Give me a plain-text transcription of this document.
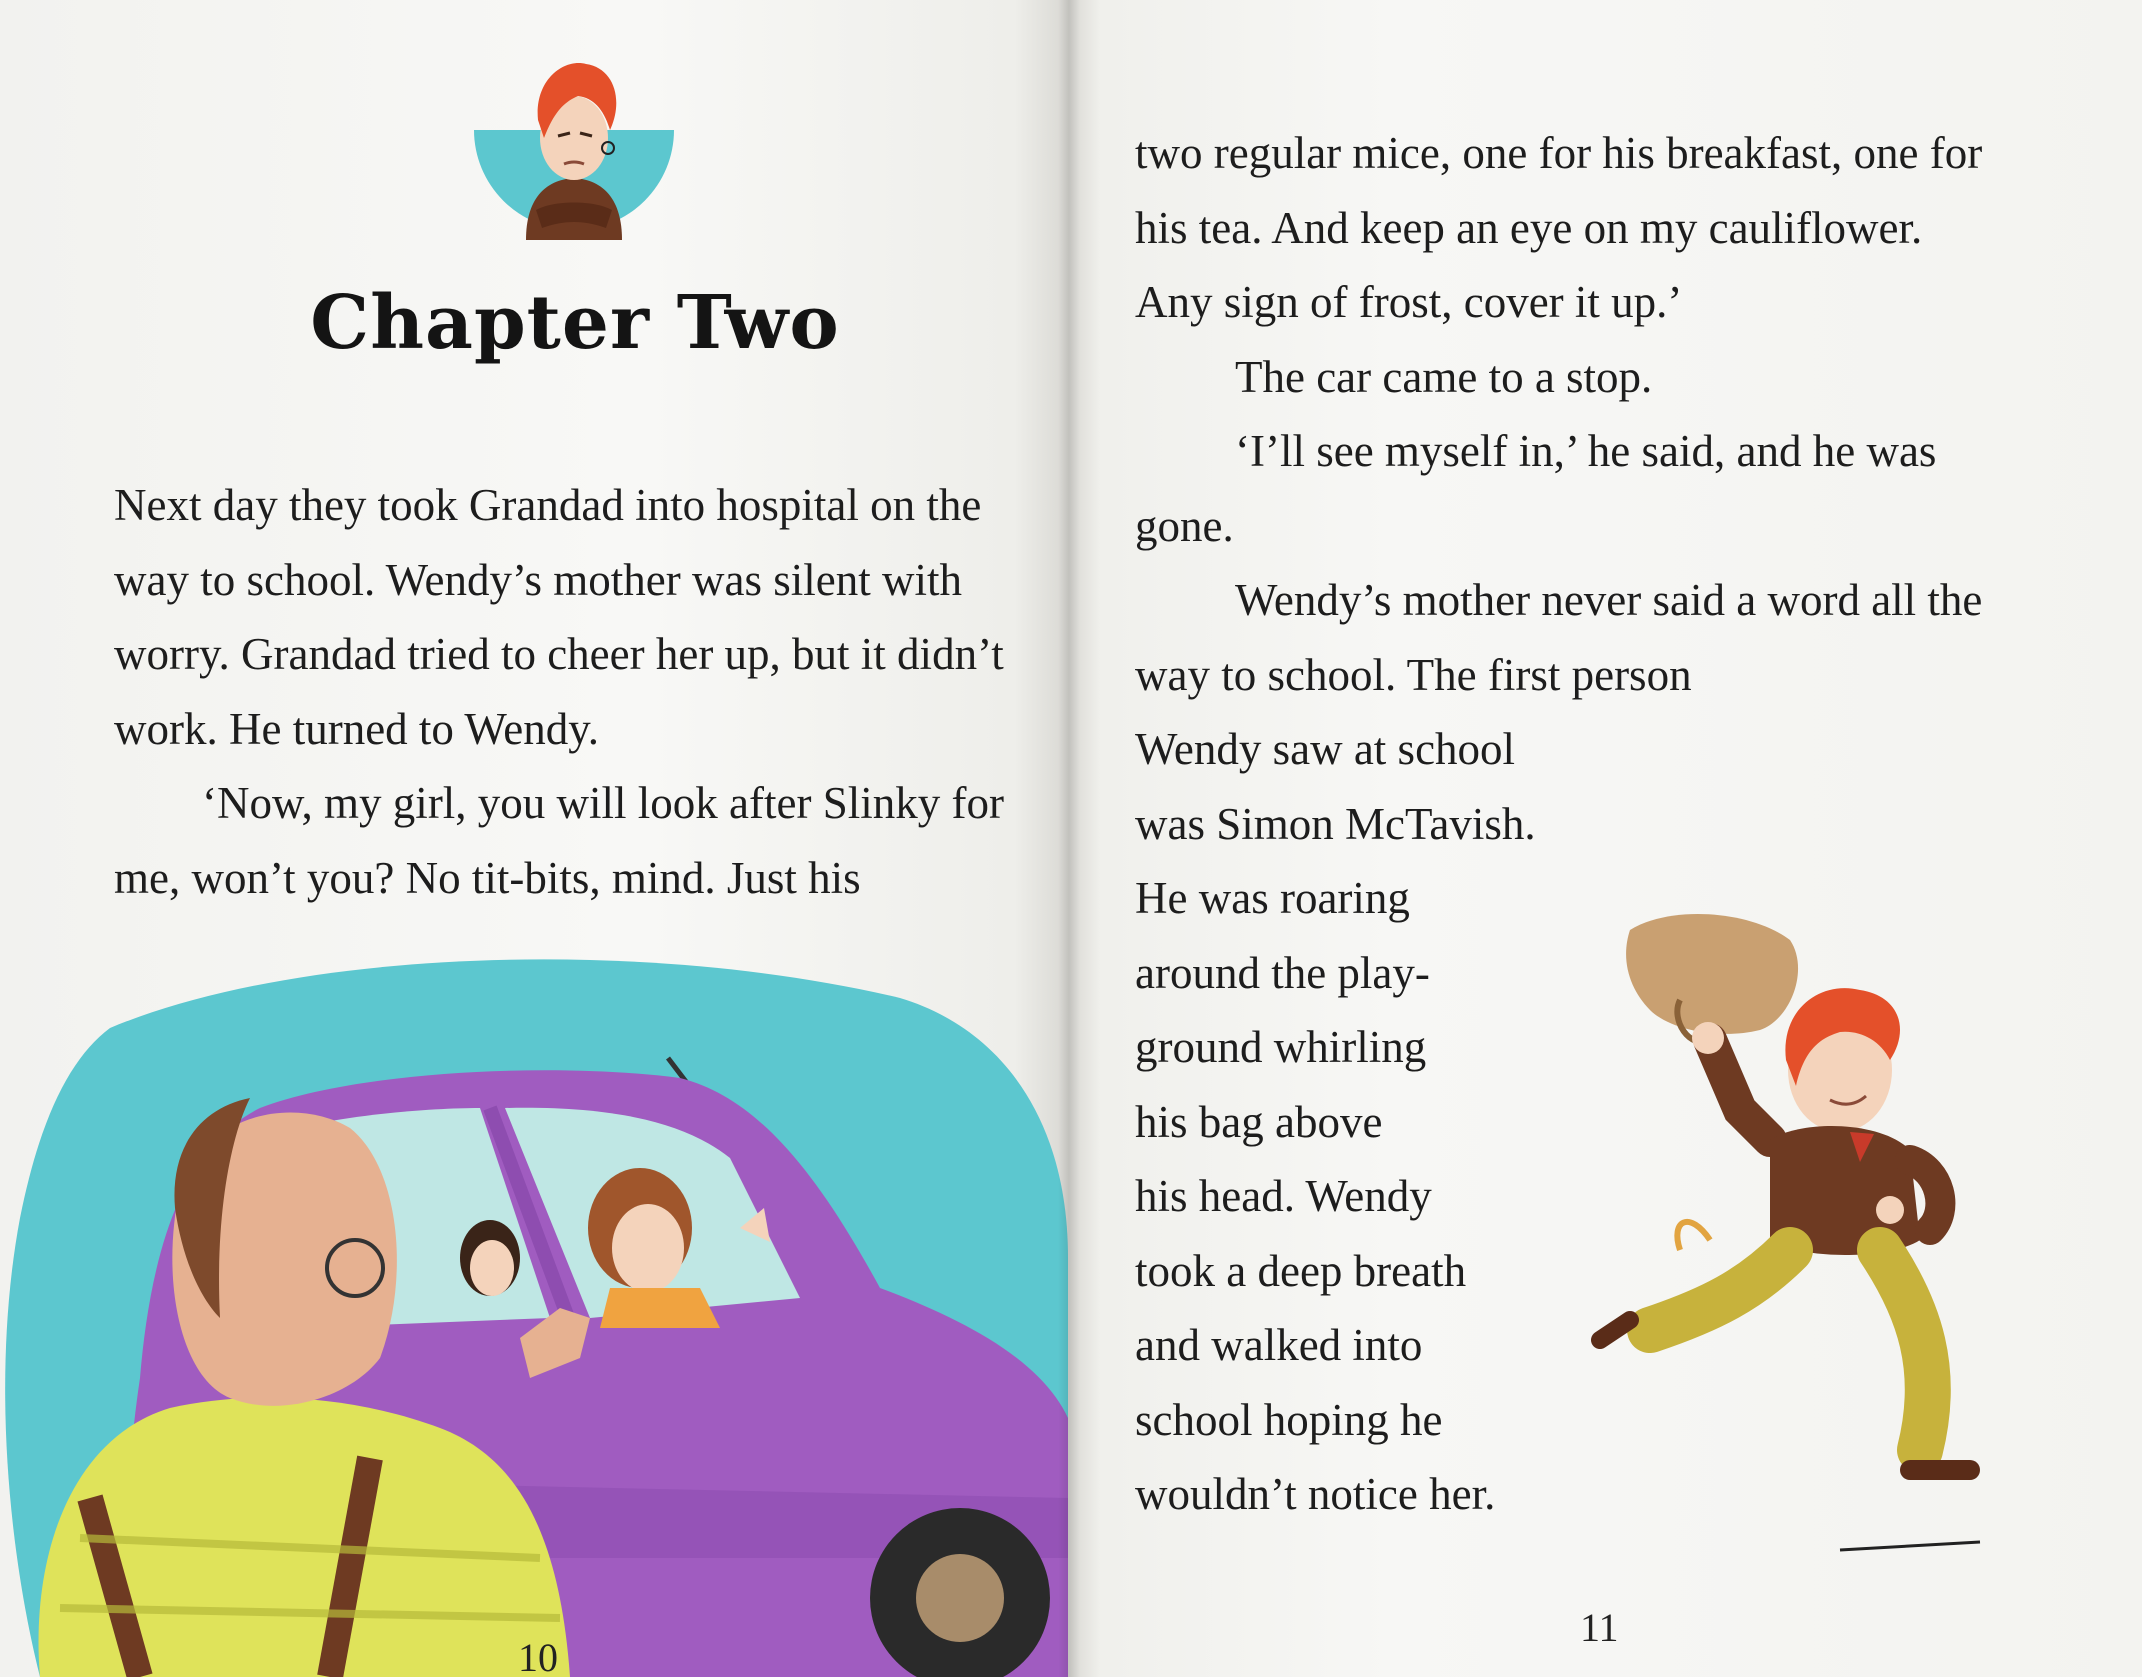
Chapter Two

Next day they took Grandad into hospital on the way to school. Wendy’s mother was silent with worry. Grandad tried to cheer her up, but it didn’t work. He turned to Wendy.

‘Now, my girl, you will look after Slinky for me, won’t you? No tit-bits, mind. Just his

10
two regular mice, one for his breakfast, one for
his tea. And keep an eye on my cauliflower.
Any sign of frost, cover it up.’
The car came to a stop.
‘I’ll see myself in,’ he said, and he was
gone.
Wendy’s mother never said a word all the
way to school. The first person
Wendy saw at school
was Simon McTavish.
He was roaring
around the play-
ground whirling
his bag above
his head. Wendy
took a deep breath
and walked into
school hoping he
wouldn’t notice her.
11
